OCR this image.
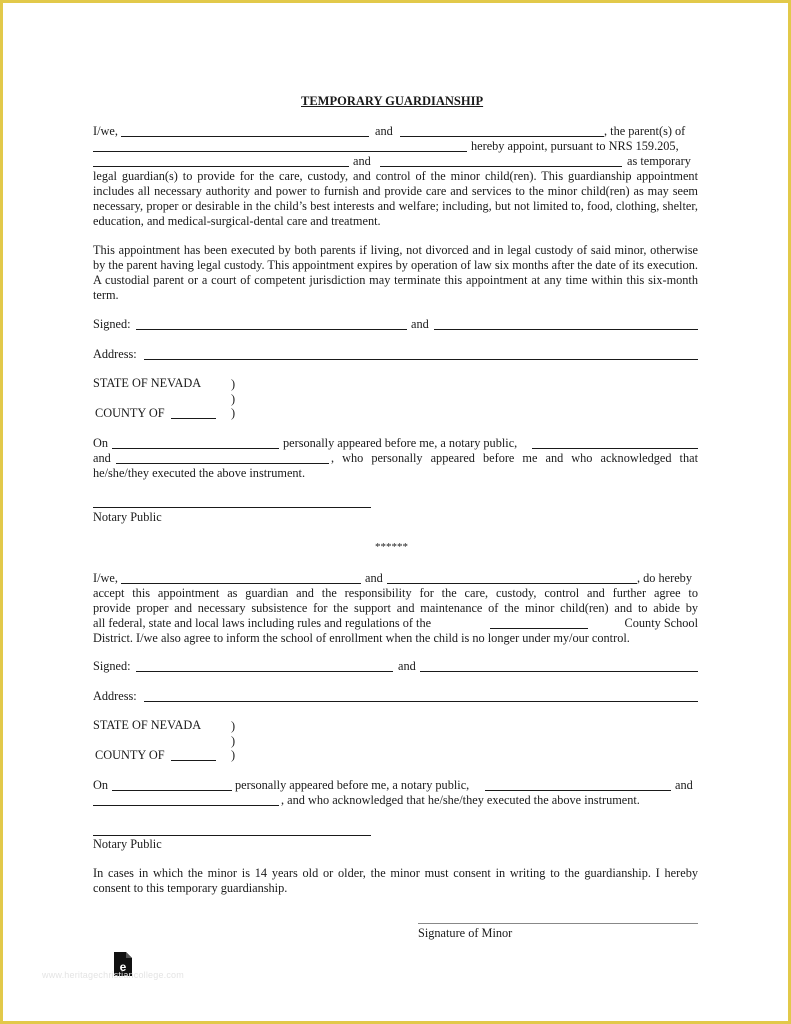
TEMPORARY GUARDIANSHIP
I/we,	and	, the parent(s) of
hereby appoint, pursuant to NRS 159.205,
and	as temporary
legal guardian(s) to provide for the care, custody, and control of the minor child(ren). This guardianship appointment includes all necessary authority and power to furnish and provide care and services to the minor child(ren) as may seem necessary, proper or desirable in the child’s best interests and welfare; including, but not limited to, food, clothing, shelter, education, and medical-surgical-dental care and treatment.
This appointment has been executed by both parents if living, not divorced and in legal custody of said minor, otherwise by the parent having legal custody. This appointment expires by operation of law six months after the date of its execution. A custodial parent or a court of competent jurisdiction may terminate this appointment at any time within this six-month term.
Signed:	and
Address:
STATE OF NEVADA )
)
COUNTY OF	)
On	personally appeared before me, a notary public,
and	, who personally appeared before me and who acknowledged that
he/she/they executed the above instrument.
Notary Public
******
I/we,	and	, do hereby
accept this appointment as guardian and the responsibility for the care, custody, control and further agree to
provide proper and necessary subsistence for the support and maintenance of the minor child(ren) and to abide by
all federal, state and local laws including rules and regulations of the	County School
District. I/we also agree to inform the school of enrollment when the child is no longer under my/our control.
Signed:	and
Address:
STATE OF NEVADA )
)
COUNTY OF	)
On	personally appeared before me, a notary public,	and
, and who acknowledged that he/she/they executed the above instrument.
Notary Public
In cases in which the minor is 14 years old or older, the minor must consent in writing to the guardianship. I hereby consent to this temporary guardianship.
Signature of Minor
e
www.heritagechristiancollege.com
